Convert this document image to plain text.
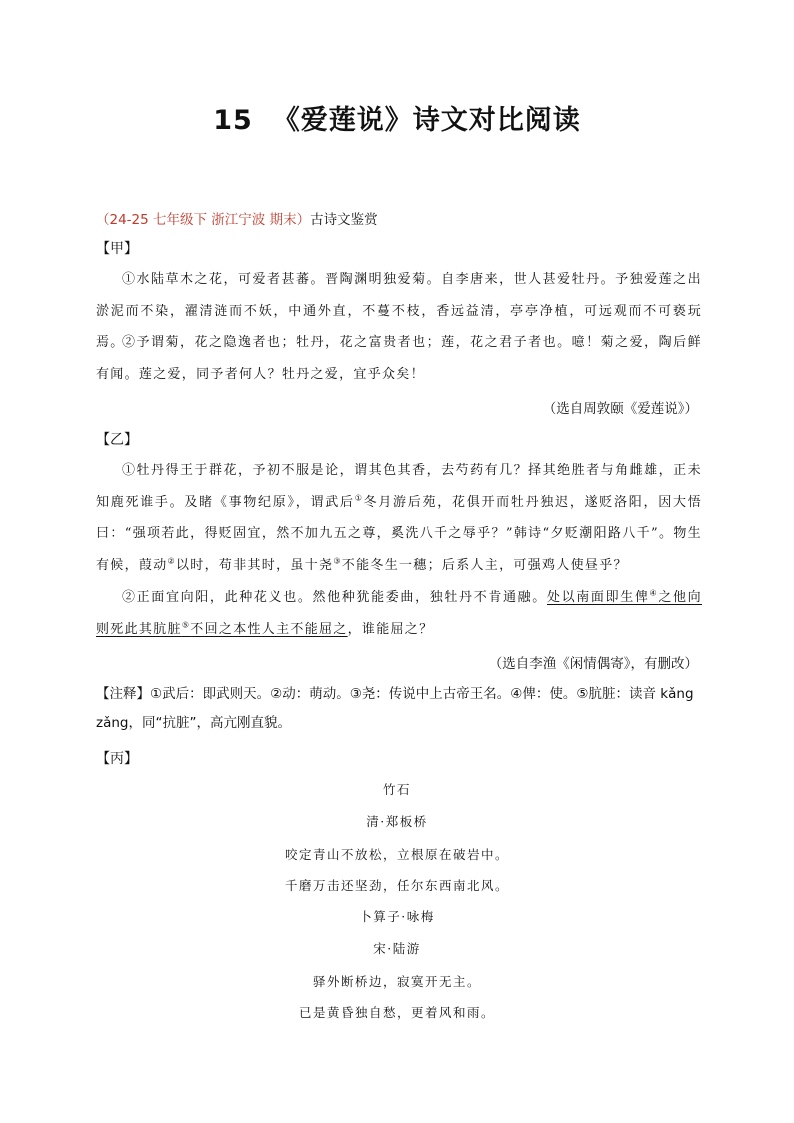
15 《爱莲说》诗文对比阅读
（24-25 七年级下 浙江宁波 期末）古诗文鉴赏
【甲】
①水陆草木之花，可爱者甚蕃。晋陶渊明独爱菊。自李唐来，世人甚爱牡丹。予独爱莲之出淤泥而不染，濯清涟而不妖，中通外直，不蔓不枝，香远益清，亭亭净植，可远观而不可亵玩焉。
②予谓菊，花之隐逸者也；牡丹，花之富贵者也；莲，花之君子者也。噫！菊之爱，陶后鲜有闻。莲之爱，同予者何人？牡丹之爱，宜乎众矣！
（选自周敦颐《爱莲说》）
【乙】
①牡丹得王于群花，予初不服是论，谓其色其香，去芍药有几？择其绝胜者与角雌雄，正未知鹿死谁手。及睹《事物纪原》，谓武后①冬月游后苑，花俱开而牡丹独迟，遂贬洛阳，因大悟曰：“强项若此，得贬固宜，然不加九五之尊，奚洗八千之辱乎？”韩诗“夕贬潮阳路八千”。物生有候，葭动②以时，苟非其时，虽十尧③不能冬生一穗；后系人主，可强鸡人使昼乎？
②正面宜向阳，此种花义也。然他种犹能委曲，独牡丹不肯通融。处以南面即生俾④之他向则死此其肮脏⑤不回之本性人主不能屈之，谁能屈之？
（选自李渔《闲情偶寄》，有删改）
【注释】①武后：即武则天。②动：萌动。③尧：传说中上古帝王名。④俾：使。⑤肮脏：读音 kǎng zǎng，同“抗脏”，高亢刚直貌。
【丙】
竹石
清·郑板桥
咬定青山不放松，立根原在破岩中。
千磨万击还坚劲，任尔东西南北风。
卜算子·咏梅
宋·陆游
驿外断桥边，寂寞开无主。
已是黄昏独自愁，更着风和雨。
